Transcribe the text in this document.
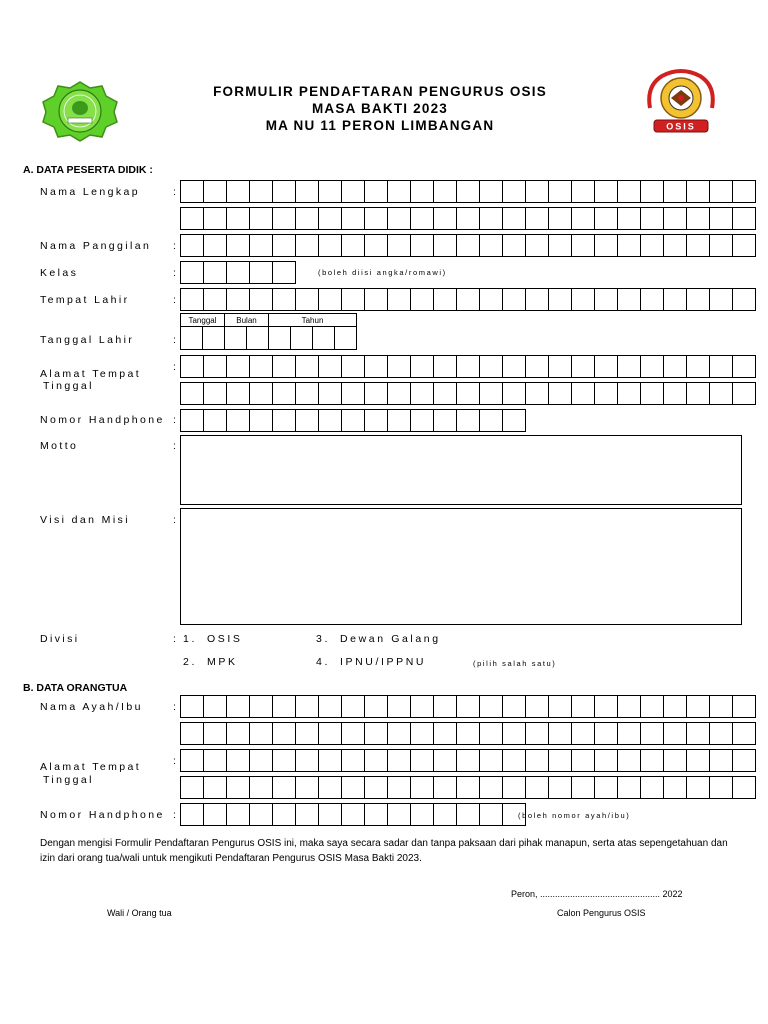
OSIS
FORMULIR PENDAFTARAN PENGURUS OSIS
MASA BAKTI 2023
MA NU 11 PERON LIMBANGAN
A. DATA PESERTA DIDIK :
Nama Lengkap	:
Nama Panggilan :
Kelas	:	(boleh diisi angka/romawi)
Tempat Lahir	:
Tanggal Lahir	:
Tanggal		Bulan		Tahun			

:
Alamat Tempat
Tinggal
Nomor Handphone :
Motto	:
Visi dan Misi	:
Divisi	: 1. OSIS
2. MPK
3. Dewan Galang
4. IPNU/IPPNU	(pilih salah satu)
B. DATA ORANGTUA
Nama Ayah/Ibu	:
:
Alamat Tempat
Tinggal
Nomor Handphone :	(boleh nomor ayah/ibu)
Dengan mengisi Formulir Pendaftaran Pengurus OSIS ini, maka saya secara sadar dan tanpa paksaan dari pihak manapun, serta atas sepengetahuan dan izin dari orang tua/wali untuk mengikuti Pendaftaran Pengurus OSIS Masa Bakti 2023.
Peron, ................................................ 2022
Wali / Orang tua	Calon Pengurus OSIS
